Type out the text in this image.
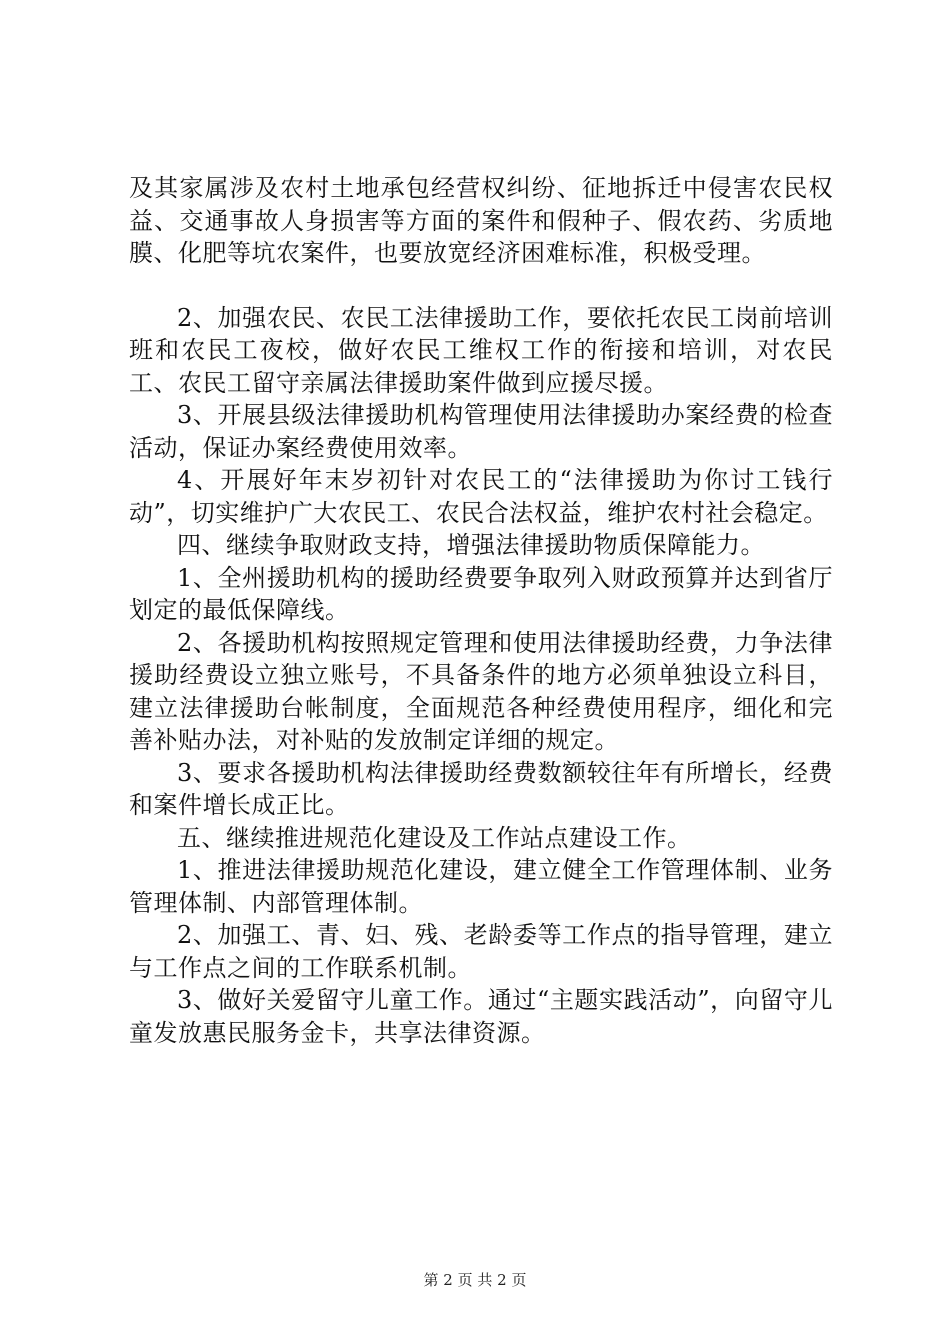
及其家属涉及农村土地承包经营权纠纷、征地拆迁中侵害农民权益、交通事故人身损害等方面的案件和假种子、假农药、劣质地膜、化肥等坑农案件，也要放宽经济困难标准，积极受理。

2、加强农民、农民工法律援助工作，要依托农民工岗前培训班和农民工夜校，做好农民工维权工作的衔接和培训，对农民工、农民工留守亲属法律援助案件做到应援尽援。

3、开展县级法律援助机构管理使用法律援助办案经费的检查活动，保证办案经费使用效率。

4、开展好年末岁初针对农民工的“法律援助为你讨工钱行动”，切实维护广大农民工、农民合法权益，维护农村社会稳定。

四、继续争取财政支持，增强法律援助物质保障能力。

1、全州援助机构的援助经费要争取列入财政预算并达到省厅划定的最低保障线。

2、各援助机构按照规定管理和使用法律援助经费，力争法律援助经费设立独立账号，不具备条件的地方必须单独设立科目，建立法律援助台帐制度，全面规范各种经费使用程序，细化和完善补贴办法，对补贴的发放制定详细的规定。

3、要求各援助机构法律援助经费数额较往年有所增长，经费和案件增长成正比。

五、继续推进规范化建设及工作站点建设工作。

1、推进法律援助规范化建设，建立健全工作管理体制、业务管理体制、内部管理体制。

2、加强工、青、妇、残、老龄委等工作点的指导管理，建立与工作点之间的工作联系机制。

3、做好关爱留守儿童工作。通过“主题实践活动”，向留守儿童发放惠民服务金卡，共享法律资源。

第 2 页 共 2 页
